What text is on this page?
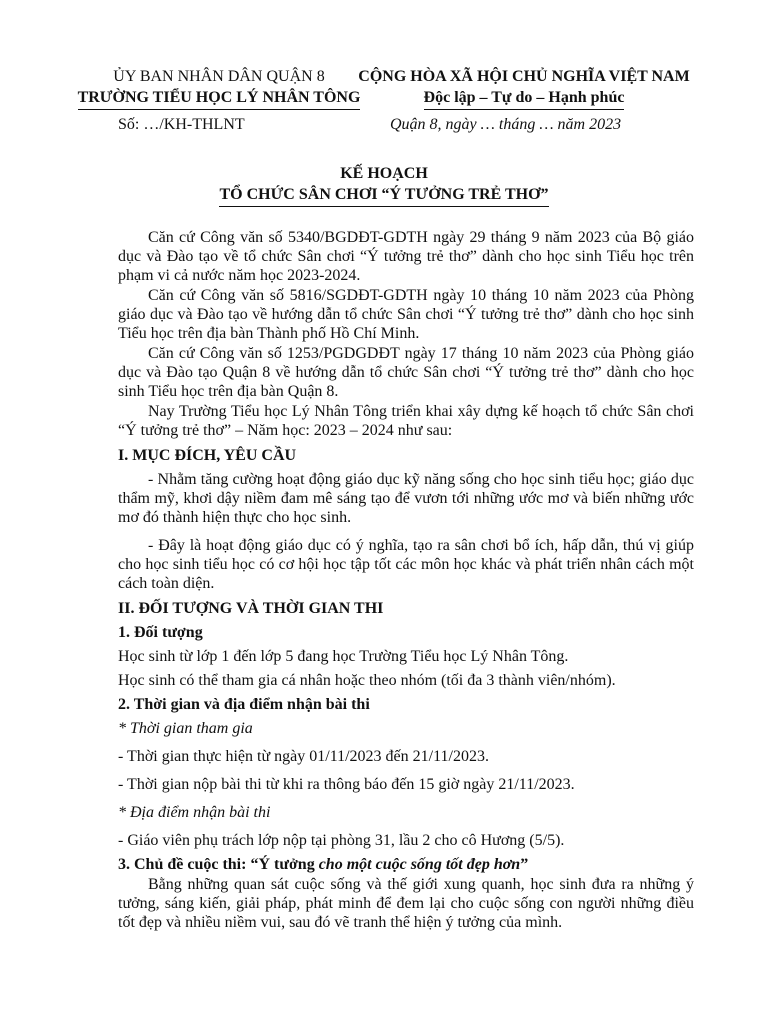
ỦY BAN NHÂN DÂN QUẬN 8
TRƯỜNG TIỂU HỌC LÝ NHÂN TÔNG
CỘNG HÒA XÃ HỘI CHỦ NGHĨA VIỆT NAM
Độc lập – Tự do – Hạnh phúc
Số: …/KH-THLNT	Quận 8, ngày … tháng … năm 2023
KẾ HOẠCH
TỔ CHỨC SÂN CHƠI “Ý TƯỞNG TRẺ THƠ”

Căn cứ Công văn số 5340/BGDĐT-GDTH ngày 29 tháng 9 năm 2023 của Bộ giáo dục và Đào tạo về tổ chức Sân chơi “Ý tưởng trẻ thơ” dành cho học sinh Tiểu học trên phạm vi cả nước năm học 2023-2024.

Căn cứ Công văn số 5816/SGDĐT-GDTH ngày 10 tháng 10 năm 2023 của Phòng giáo dục và Đào tạo về hướng dẫn tổ chức Sân chơi “Ý tưởng trẻ thơ” dành cho học sinh Tiểu học trên địa bàn Thành phố Hồ Chí Minh.

Căn cứ Công văn số 1253/PGDGDĐT ngày 17 tháng 10 năm 2023 của Phòng giáo dục và Đào tạo Quận 8 về hướng dẫn tổ chức Sân chơi “Ý tưởng trẻ thơ” dành cho học sinh Tiểu học trên địa bàn Quận 8.

Nay Trường Tiểu học Lý Nhân Tông triển khai xây dựng kế hoạch tổ chức Sân chơi “Ý tưởng trẻ thơ” – Năm học: 2023 – 2024 như sau:

I. MỤC ĐÍCH, YÊU CẦU

- Nhằm tăng cường hoạt động giáo dục kỹ năng sống cho học sinh tiểu học; giáo dục thẩm mỹ, khơi dậy niềm đam mê sáng tạo để vươn tới những ước mơ và biến những ước mơ đó thành hiện thực cho học sinh.

- Đây là hoạt động giáo dục có ý nghĩa, tạo ra sân chơi bổ ích, hấp dẫn, thú vị giúp cho học sinh tiểu học có cơ hội học tập tốt các môn học khác và phát triển nhân cách một cách toàn diện.

II. ĐỐI TƯỢNG VÀ THỜI GIAN THI
1. Đối tượng

Học sinh từ lớp 1 đến lớp 5 đang học Trường Tiểu học Lý Nhân Tông.

Học sinh có thể tham gia cá nhân hoặc theo nhóm (tối đa 3 thành viên/nhóm).

2. Thời gian và địa điểm nhận bài thi

* Thời gian tham gia

- Thời gian thực hiện từ ngày 01/11/2023 đến 21/11/2023.

- Thời gian nộp bài thi từ khi ra thông báo đến 15 giờ ngày 21/11/2023.

* Địa điểm nhận bài thi

- Giáo viên phụ trách lớp nộp tại phòng 31, lầu 2 cho cô Hương (5/5).

3. Chủ đề cuộc thi: “Ý tưởng cho một cuộc sống tốt đẹp hơn”

Bằng những quan sát cuộc sống và thế giới xung quanh, học sinh đưa ra những ý tưởng, sáng kiến, giải pháp, phát minh để đem lại cho cuộc sống con người những điều tốt đẹp và nhiều niềm vui, sau đó vẽ tranh thể hiện ý tưởng của mình.
